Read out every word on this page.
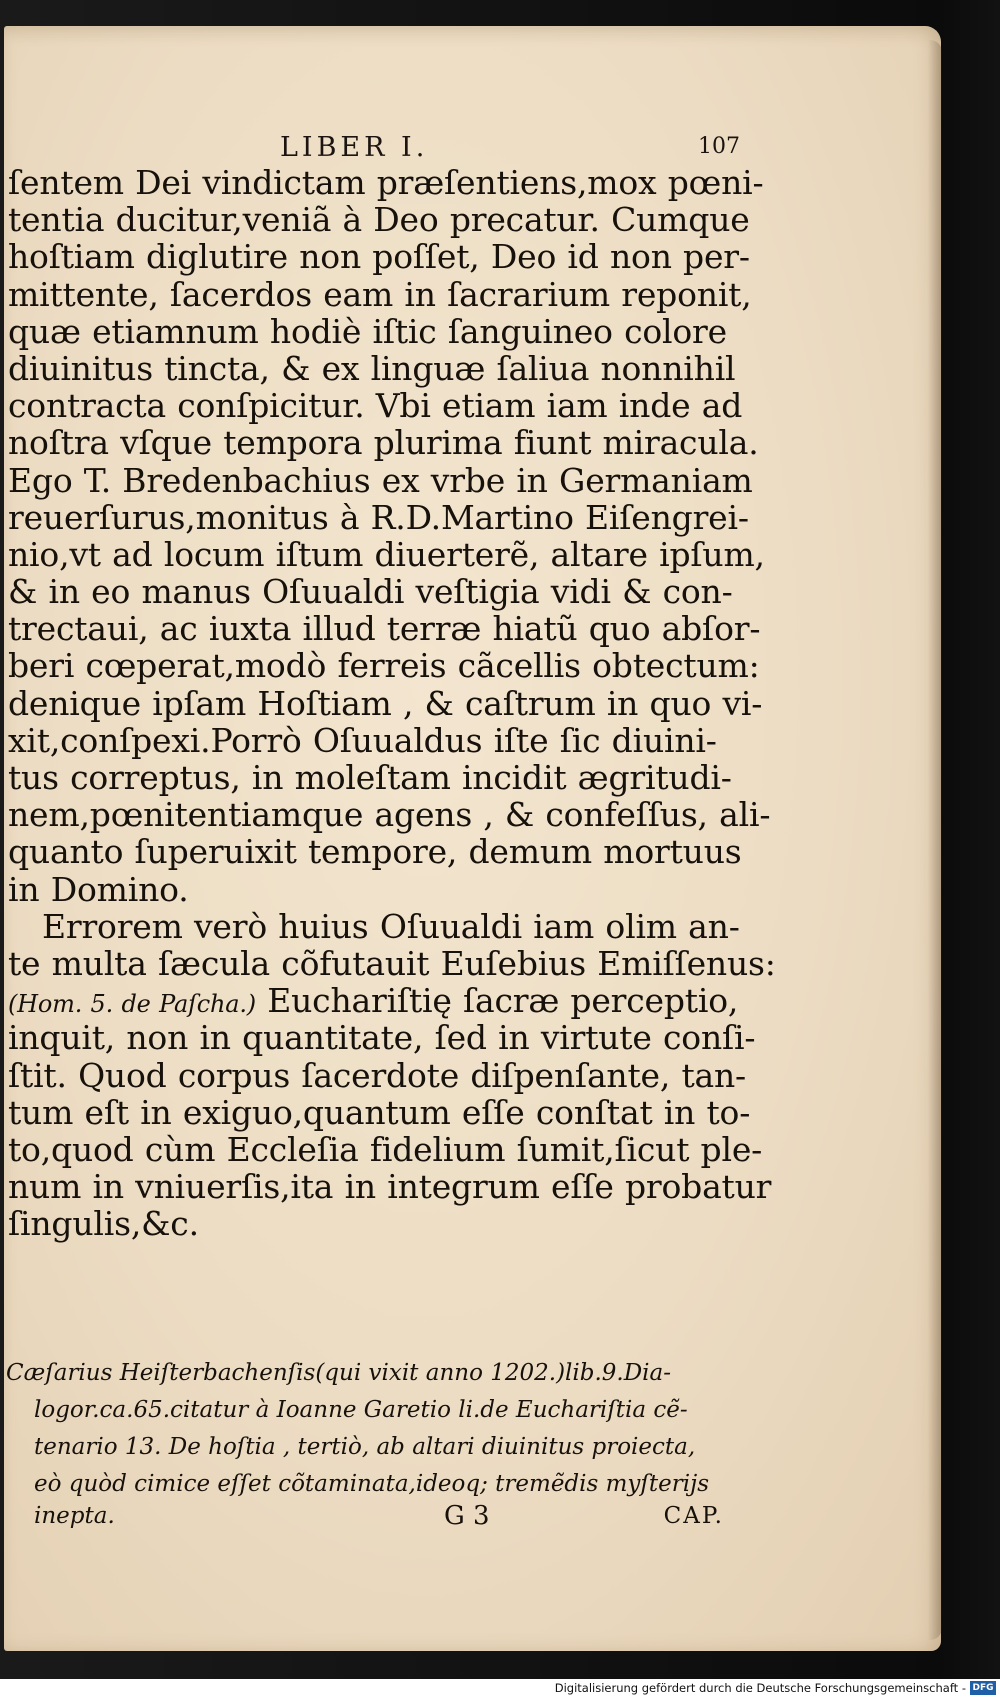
LIBER I.	107
ſentem Dei vindictam præſentiens,mox pœni-
tentia ducitur,veniã à Deo precatur. Cumque
hoſtiam diglutire non poſſet, Deo id non per-
mittente, ſacerdos eam in ſacrarium reponit,
quæ etiamnum hodiè iſtic ſanguineo colore
diuinitus tincta, & ex linguæ ſaliua nonnihil
contracta conſpicitur. Vbi etiam iam inde ad
noſtra vſque tempora plurima fiunt miracula.
Ego T. Bredenbachius ex vrbe in Germaniam
reuerſurus,monitus à R.D.Martino Eiſengrei-
nio,vt ad locum iſtum diuerterẽ, altare ipſum,
& in eo manus Oſuualdi veſtigia vidi & con-
trectaui, ac iuxta illud terræ hiatũ quo abſor-
beri cœperat,modò ferreis cãcellis obtectum:
denique ipſam Hoſtiam , & caſtrum in quo vi-
xit,conſpexi.Porrò Oſuualdus iſte ſic diuini-
tus correptus, in moleſtam incidit ægritudi-
nem,pœnitentiamque agens , & confeſſus, ali-
quanto ſuperuixit tempore, demum mortuus
in Domino.
Errorem verò huius Oſuualdi iam olim an-
te multa ſæcula cõfutauit Euſebius Emiſſenus:
(Hom. 5. de Paſcha.) Euchariſtię ſacræ perceptio,
inquit, non in quantitate, ſed in virtute conſi-
ſtit. Quod corpus ſacerdote diſpenſante, tan-
tum eſt in exiguo,quantum eſſe conſtat in to-
to,quod cùm Eccleſia fidelium ſumit,ſicut ple-
num in vniuerſis,ita in integrum eſſe probatur
ſingulis,&c.
Cæſarius Heiſterbachenſis(qui vixit anno 1202.)lib.9.Dia-
logor.ca.65.citatur à Ioanne Garetio li.de Euchariſtia cẽ-
tenario 13. De hoſtia , tertiò, ab altari diuinitus proiecta,
eò quòd cimice eſſet cõtaminata,ideoq; tremẽdis myſterijs
inepta.	G 3	CAP.
Digitalisierung gefördert durch die Deutsche Forschungsgemeinschaft - DFG
